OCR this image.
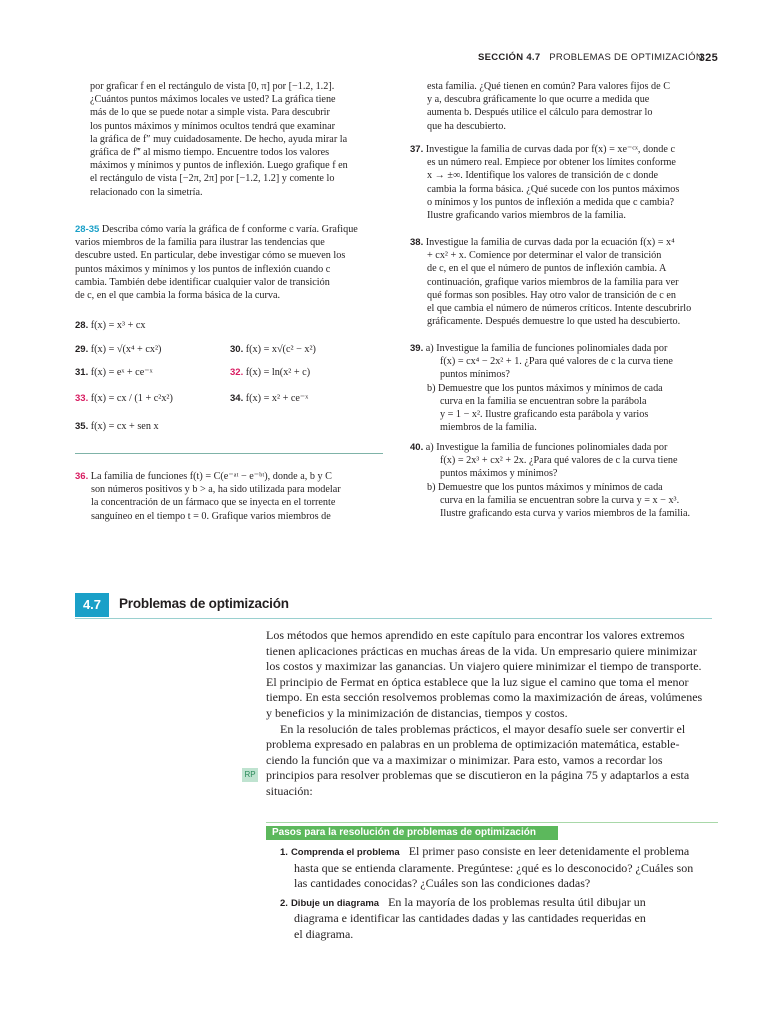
SECCIÓN 4.7 PROBLEMAS DE OPTIMIZACIÓN
325
por graficar f en el rectángulo de vista [0, π] por [−1.2, 1.2].
¿Cuántos puntos máximos locales ve usted? La gráfica tiene
más de lo que se puede notar a simple vista. Para descubrir
los puntos máximos y mínimos ocultos tendrá que examinar
la gráfica de f″ muy cuidadosamente. De hecho, ayuda mirar la
gráfica de f‴ al mismo tiempo. Encuentre todos los valores
máximos y mínimos y puntos de inflexión. Luego grafique f en
el rectángulo de vista [−2π, 2π] por [−1.2, 1.2] y comente lo
relacionado con la simetría.
28-35 Describa cómo varía la gráfica de f conforme c varía. Grafique
varios miembros de la familia para ilustrar las tendencias que
descubre usted. En particular, debe investigar cómo se mueven los
puntos máximos y mínimos y los puntos de inflexión cuando c
cambia. También debe identificar cualquier valor de transición
de c, en el que cambia la forma básica de la curva.
28. f(x) = x³ + cx
29. f(x) = √(x⁴ + cx²)	30. f(x) = x√(c² − x²)
31. f(x) = eˣ + ce⁻ˣ	32. f(x) = ln(x² + c)
33. f(x) = cx / (1 + c²x²)	34. f(x) = x² + ce⁻ˣ
35. f(x) = cx + sen x
36. La familia de funciones f(t) = C(e⁻ᵃᵗ − e⁻ᵇᵗ), donde a, b y C
son números positivos y b > a, ha sido utilizada para modelar
la concentración de un fármaco que se inyecta en el torrente
sanguíneo en el tiempo t = 0. Grafique varios miembros de
esta familia. ¿Qué tienen en común? Para valores fijos de C
y a, descubra gráficamente lo que ocurre a medida que
aumenta b. Después utilice el cálculo para demostrar lo
que ha descubierto.
37. Investigue la familia de curvas dada por f(x) = xe⁻ᶜˣ, donde c
es un número real. Empiece por obtener los límites conforme
x → ±∞. Identifique los valores de transición de c donde
cambia la forma básica. ¿Qué sucede con los puntos máximos
o mínimos y los puntos de inflexión a medida que c cambia?
Ilustre graficando varios miembros de la familia.
38. Investigue la familia de curvas dada por la ecuación f(x) = x⁴
+ cx² + x. Comience por determinar el valor de transición
de c, en el que el número de puntos de inflexión cambia. A
continuación, grafique varios miembros de la familia para ver
qué formas son posibles. Hay otro valor de transición de c en
el que cambia el número de números críticos. Intente descubrirlo
gráficamente. Después demuestre lo que usted ha descubierto.
39. a) Investigue la familia de funciones polinomiales dada por
f(x) = cx⁴ − 2x² + 1. ¿Para qué valores de c la curva tiene
puntos mínimos?
b) Demuestre que los puntos máximos y mínimos de cada
curva en la familia se encuentran sobre la parábola
y = 1 − x². Ilustre graficando esta parábola y varios
miembros de la familia.
40. a) Investigue la familia de funciones polinomiales dada por
f(x) = 2x³ + cx² + 2x. ¿Para qué valores de c la curva tiene
puntos máximos y mínimos?
b) Demuestre que los puntos máximos y mínimos de cada
curva en la familia se encuentran sobre la curva y = x − x³.
Ilustre graficando esta curva y varios miembros de la familia.
4.7	Problemas de optimización
Los métodos que hemos aprendido en este capítulo para encontrar los valores extremos
tienen aplicaciones prácticas en muchas áreas de la vida. Un empresario quiere minimizar
los costos y maximizar las ganancias. Un viajero quiere minimizar el tiempo de transporte.
El principio de Fermat en óptica establece que la luz sigue el camino que toma el menor
tiempo. En esta sección resolvemos problemas como la maximización de áreas, volúmenes
y beneficios y la minimización de distancias, tiempos y costos.
En la resolución de tales problemas prácticos, el mayor desafío suele ser convertir el
problema expresado en palabras en un problema de optimización matemática, estable-
ciendo la función que va a maximizar o minimizar. Para esto, vamos a recordar los
principios para resolver problemas que se discutieron en la página 75 y adaptarlos a esta
situación:
RP
Pasos para la resolución de problemas de optimización
1. Comprenda el problema El primer paso consiste en leer detenidamente el problema
hasta que se entienda claramente. Pregúntese: ¿qué es lo desconocido? ¿Cuáles son
las cantidades conocidas? ¿Cuáles son las condiciones dadas?
2. Dibuje un diagrama En la mayoría de los problemas resulta útil dibujar un
diagrama e identificar las cantidades dadas y las cantidades requeridas en
el diagrama.
